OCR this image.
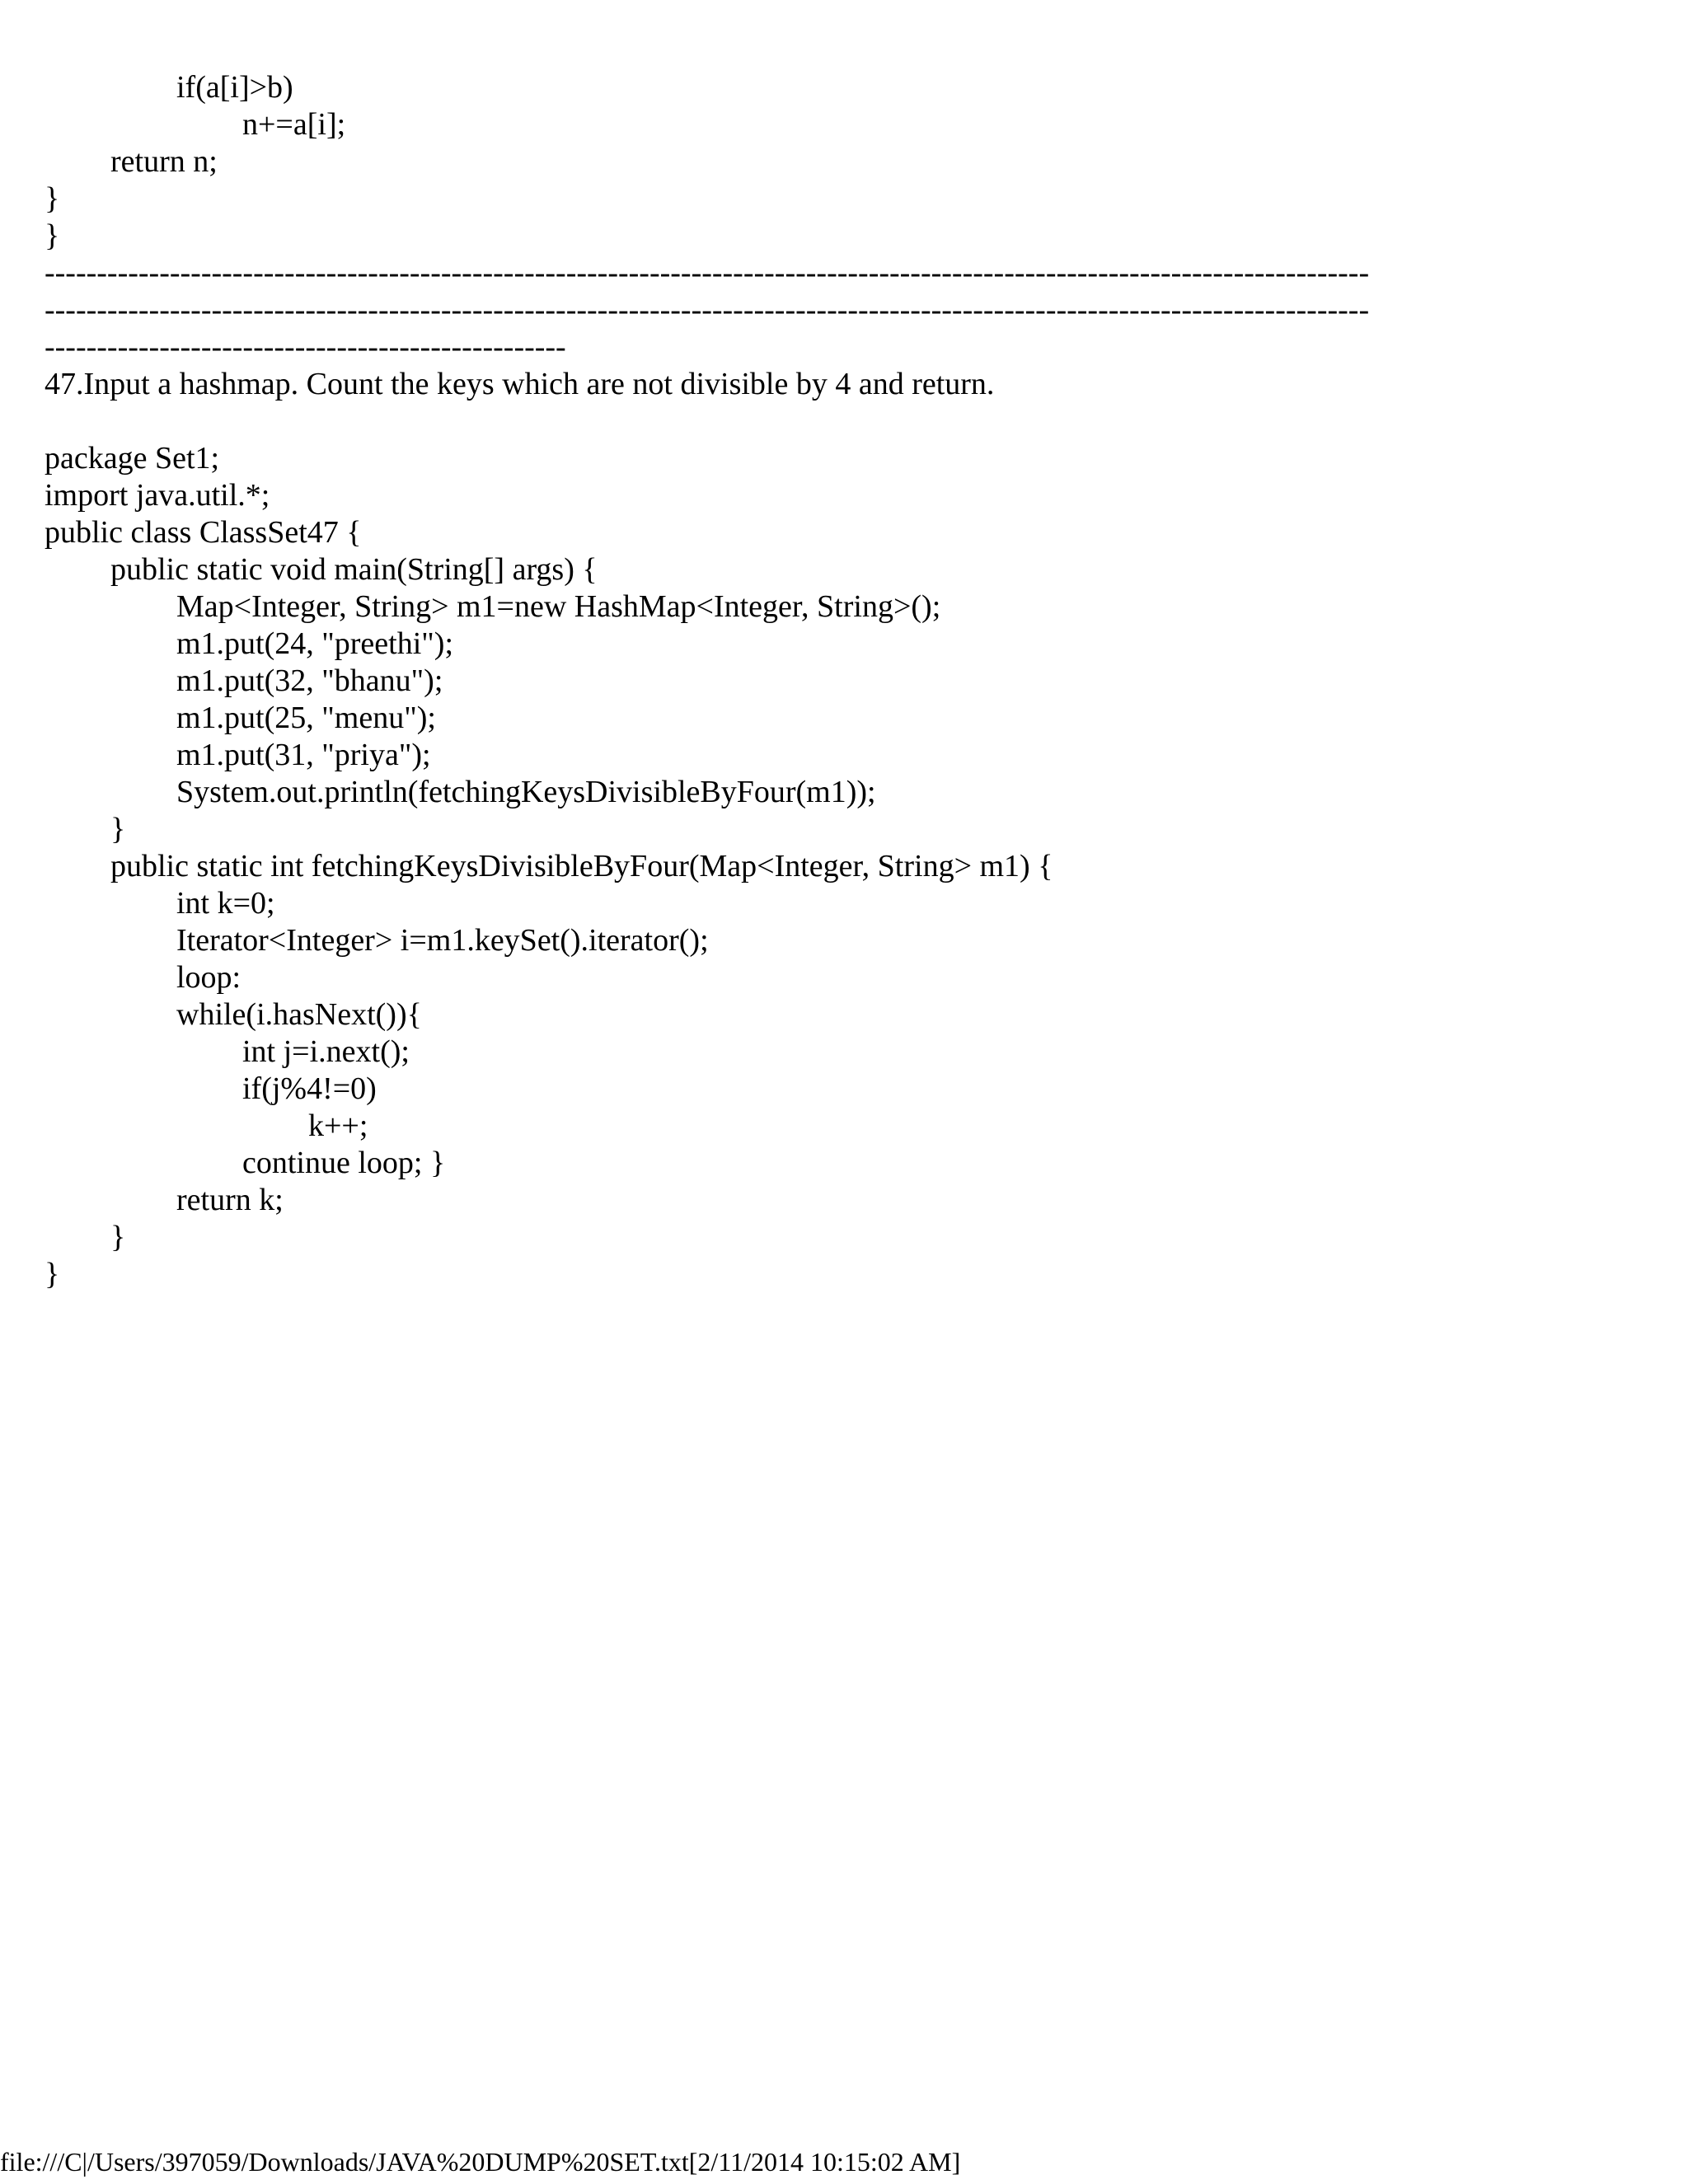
if(a[i]>b)
n+=a[i];
return n;
}
}
-------------------------------------------------------------------------------------------------------------------------------
-------------------------------------------------------------------------------------------------------------------------------
--------------------------------------------------
47.Input a hashmap. Count the keys which are not divisible by 4 and return.
package Set1;
import java.util.*;
public class ClassSet47 {
public static void main(String[] args) {
Map<Integer, String> m1=new HashMap<Integer, String>();
m1.put(24, "preethi");
m1.put(32, "bhanu");
m1.put(25, "menu");
m1.put(31, "priya");
System.out.println(fetchingKeysDivisibleByFour(m1));
}
public static int fetchingKeysDivisibleByFour(Map<Integer, String> m1) {
int k=0;
Iterator<Integer> i=m1.keySet().iterator();
loop:
while(i.hasNext()){
int j=i.next();
if(j%4!=0)
k++;
continue loop; }
return k;
}
}
file:///C|/Users/397059/Downloads/JAVA%20DUMP%20SET.txt[2/11/2014 10:15:02 AM]
